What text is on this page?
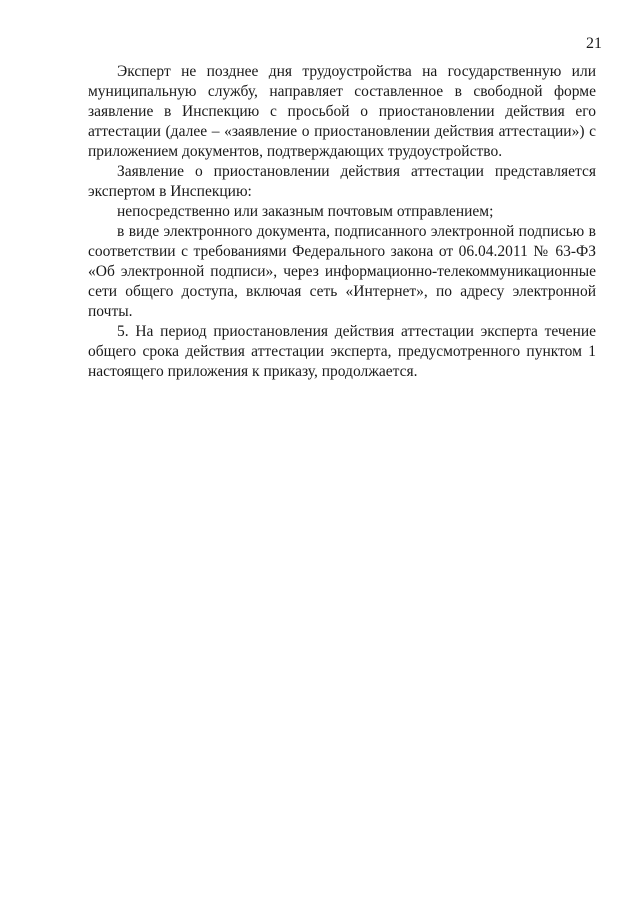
21

Эксперт не позднее дня трудоустройства на государственную или муниципальную службу, направляет составленное в свободной форме заявление в Инспекцию с просьбой о приостановлении действия его аттестации (далее – «заявление о приостановлении действия аттестации») с приложением документов, подтверждающих трудоустройство.

Заявление о приостановлении действия аттестации представляется экспертом в Инспекцию:

непосредственно или заказным почтовым отправлением;

в виде электронного документа, подписанного электронной подписью в соответствии с требованиями Федерального закона от 06.04.2011 № 63-ФЗ «Об электронной подписи», через информационно-телекоммуникационные сети общего доступа, включая сеть «Интернет», по адресу электронной почты.

5. На период приостановления действия аттестации эксперта течение общего срока действия аттестации эксперта, предусмотренного пунктом 1 настоящего приложения к приказу, продолжается.
